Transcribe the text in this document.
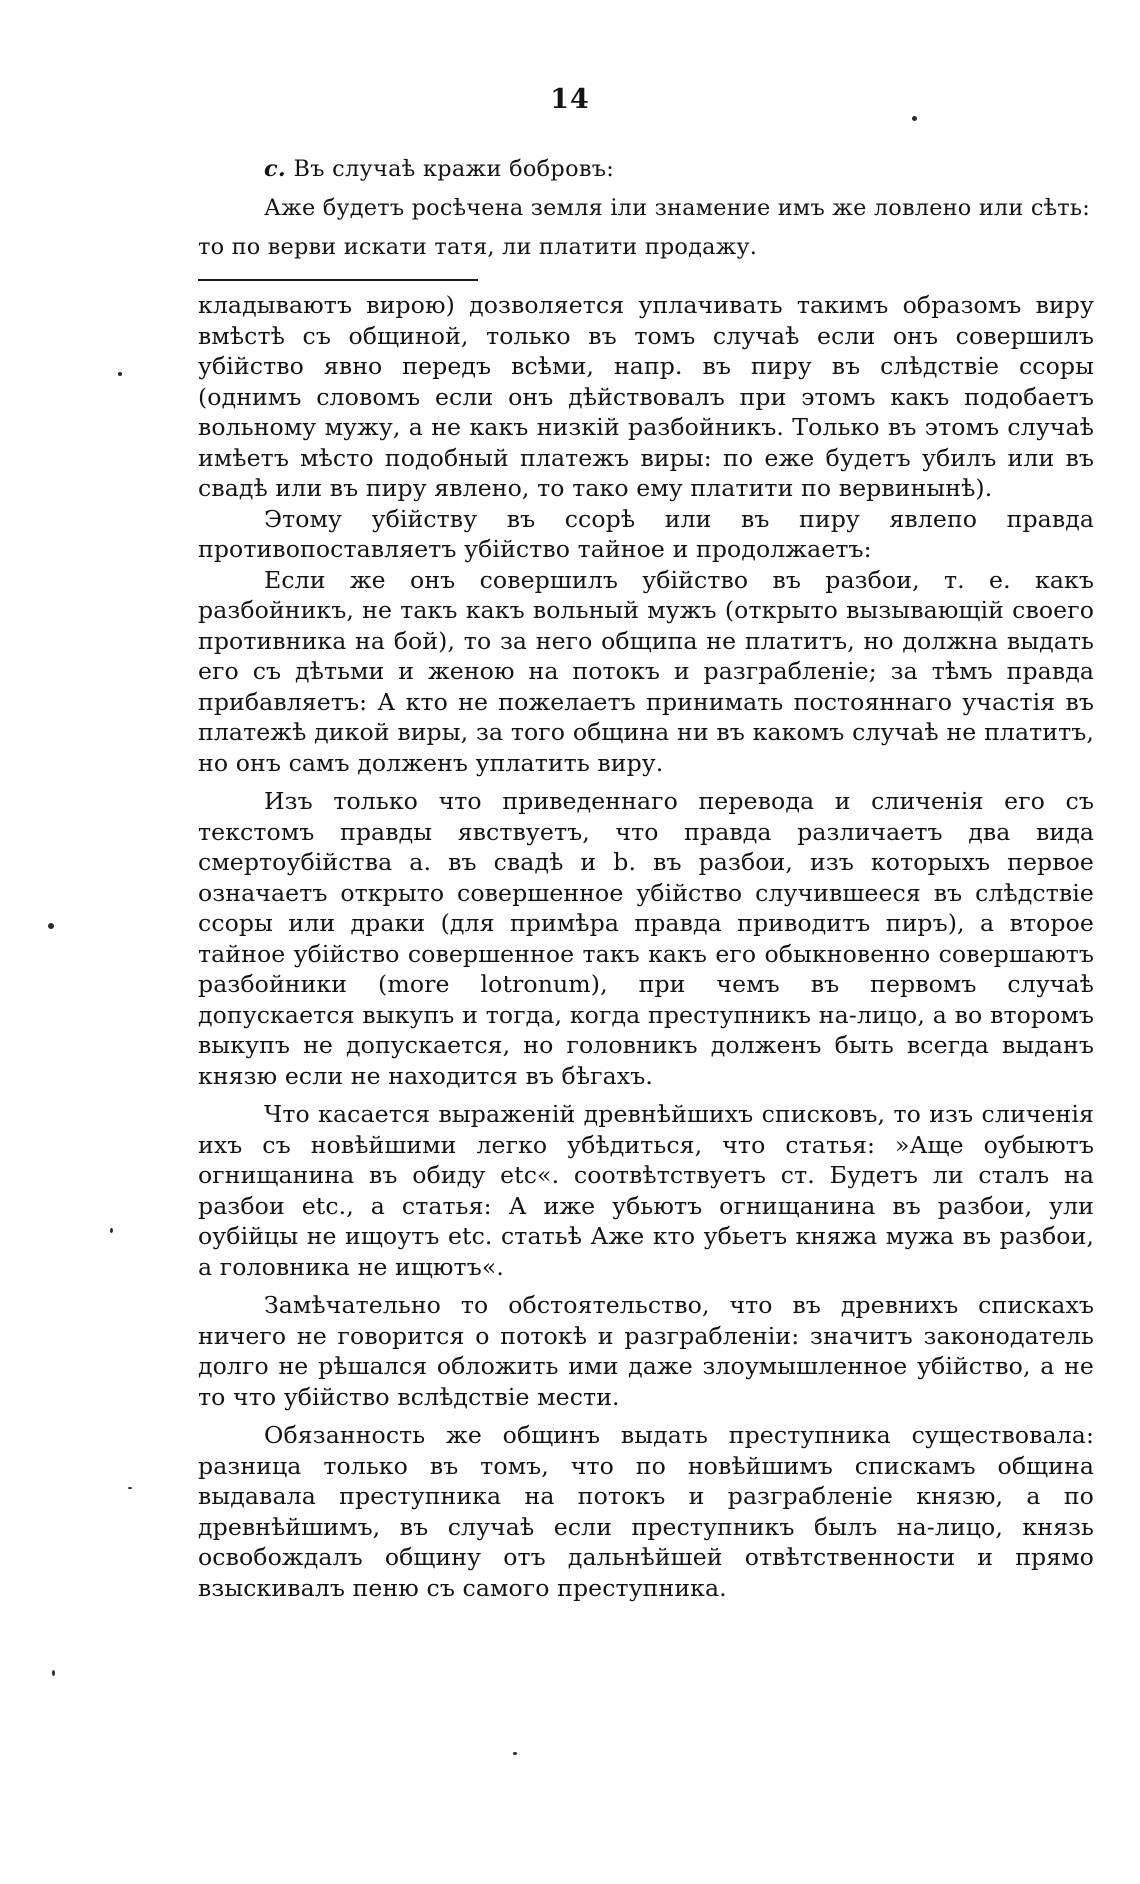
14

c. Въ случаѣ кражи бобровъ:

Аже будетъ росѣчена земля іли знамение имъ же ловлено или сѣть: то по верви искати татя, ли платити продажу.

кладываютъ вирою) дозволяется уплачивать такимъ образомъ виру вмѣстѣ съ общиной, только въ томъ случаѣ если онъ совершилъ убійство явно передъ всѣми, напр. въ пиру въ слѣдствіе ссоры (однимъ словомъ если онъ дѣйствовалъ при этомъ какъ подобаетъ вольному мужу, а не какъ низкій разбойникъ. Только въ этомъ случаѣ имѣетъ мѣсто подобный платежъ виры: по еже будетъ убилъ или въ свадѣ или въ пиру явлено, то тако ему платити по вервинынѣ).

Этому убійству въ ссорѣ или въ пиру явлепо правда противопоставляетъ убійство тайное и продолжаетъ:

Если же онъ совершилъ убійство въ разбои, т. е. какъ разбойникъ, не такъ какъ вольный мужъ (открыто вызывающій своего противника на бой), то за него общипа не платитъ, но должна выдать его съ дѣтьми и женою на потокъ и разграбленіе; за тѣмъ правда прибавляетъ: А кто не пожелаетъ принимать постояннаго участія въ платежѣ дикой виры, за того община ни въ какомъ случаѣ не платитъ, но онъ самъ долженъ уплатить виру.

Изъ только что приведеннаго перевода и сличенія его съ текстомъ правды явствуетъ, что правда различаетъ два вида смертоубійства a. въ свадѣ и b. въ разбои, изъ которыхъ первое означаетъ открыто совершенное убійство случившееся въ слѣдствіе ссоры или драки (для примѣра правда приводитъ пиръ), а второе тайное убійство совершенное такъ какъ его обыкновенно совершаютъ разбойники (more lotronum), при чемъ въ первомъ случаѣ допускается выкупъ и тогда, когда преступникъ на-лицо, а во второмъ выкупъ не допускается, но головникъ долженъ быть всегда выданъ князю если не находится въ бѣгахъ.

Что касается выраженій древнѣйшихъ списковъ, то изъ сличенія ихъ съ новѣйшими легко убѣдиться, что статья: »Аще оубыютъ огнищанина въ обиду etc«. соотвѣтствуетъ ст. Будетъ ли сталъ на разбои etc., а статья: А иже убьютъ огнищанина въ разбои, ули оубійцы не ищоутъ etc. статьѣ Аже кто убьетъ княжа мужа въ разбои, а головника не ищютъ«.

Замѣчательно то обстоятельство, что въ древнихъ спискахъ ничего не говорится о потокѣ и разграбленіи: значитъ законодатель долго не рѣшался обложить ими даже злоумышленное убійство, а не то что убійство вслѣдствіе мести.

Обязанность же общинъ выдать преступника существовала: разница только въ томъ, что по новѣйшимъ спискамъ община выдавала преступника на потокъ и разграбленіе князю, а по древнѣйшимъ, въ случаѣ если преступникъ былъ на-лицо, князь освобождалъ общину отъ дальнѣйшей отвѣтственности и прямо взыскивалъ пеню съ самого преступника.
